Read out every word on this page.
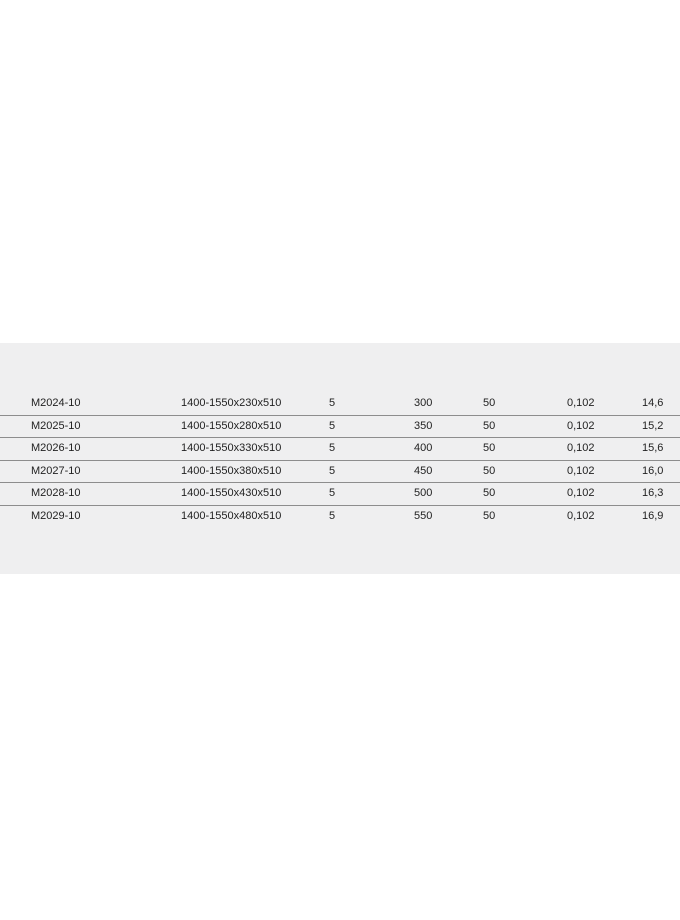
M2024-10	1400-1550x230x510	5	300	50	0,102	14,6
M2025-10	1400-1550x280x510	5	350	50	0,102	15,2
M2026-10	1400-1550x330x510	5	400	50	0,102	15,6
M2027-10	1400-1550x380x510	5	450	50	0,102	16,0
M2028-10	1400-1550x430x510	5	500	50	0,102	16,3
M2029-10	1400-1550x480x510	5	550	50	0,102	16,9
